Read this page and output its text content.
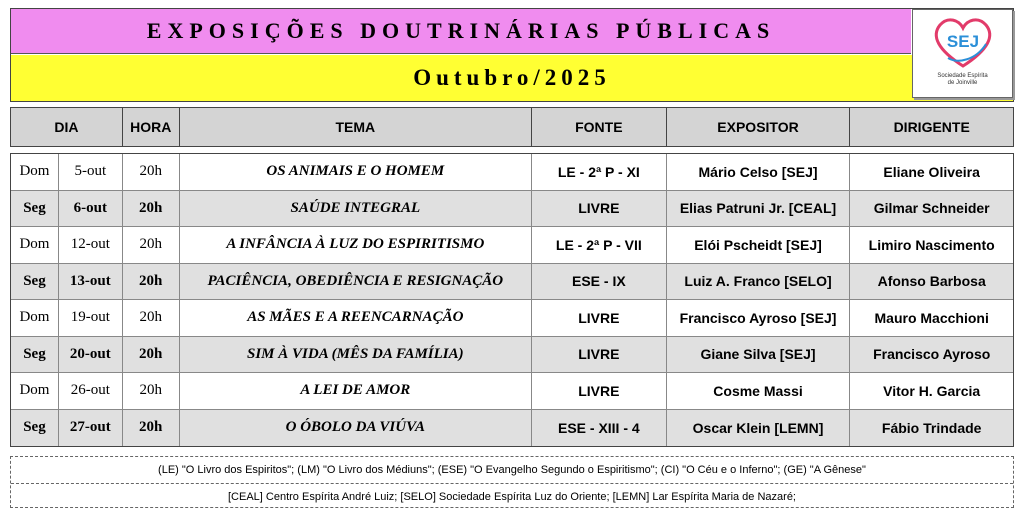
EXPOSIÇÕES DOUTRINÁRIAS PÚBLICAS
Outubro/2025
SEJ
Sociedade Espírita
de Joinville
DIA	HORA	TEMA	FONTE	EXPOSITOR	DIRIGENTE
Dom	5-out	20h	OS ANIMAIS E O HOMEM	LE - 2ª P - XI	Mário Celso [SEJ]	Eliane Oliveira
Seg	6-out	20h	SAÚDE INTEGRAL	LIVRE	Elias Patruni Jr. [CEAL]	Gilmar Schneider
Dom	12-out	20h	A INFÂNCIA À LUZ DO ESPIRITISMO	LE - 2ª P - VII	Elói Pscheidt [SEJ]	Limiro Nascimento
Seg	13-out	20h	PACIÊNCIA, OBEDIÊNCIA E RESIGNAÇÃO	ESE - IX	Luiz A. Franco [SELO]	Afonso Barbosa
Dom	19-out	20h	AS MÃES E A REENCARNAÇÃO	LIVRE	Francisco Ayroso [SEJ]	Mauro Macchioni
Seg	20-out	20h	SIM À VIDA (MÊS DA FAMÍLIA)	LIVRE	Giane Silva [SEJ]	Francisco Ayroso
Dom	26-out	20h	A LEI DE AMOR	LIVRE	Cosme Massi	Vitor H. Garcia
Seg	27-out	20h	O ÓBOLO DA VIÚVA	ESE - XIII - 4	Oscar Klein [LEMN]	Fábio Trindade
(LE) "O Livro dos Espiritos"; (LM) "O Livro dos Médiuns"; (ESE) "O Evangelho Segundo o Espiritismo"; (CI) "O Céu e o Inferno"; (GE) "A Gênese"
[CEAL] Centro Espírita André Luiz; [SELO] Sociedade Espírita Luz do Oriente; [LEMN] Lar Espírita Maria de Nazaré;
